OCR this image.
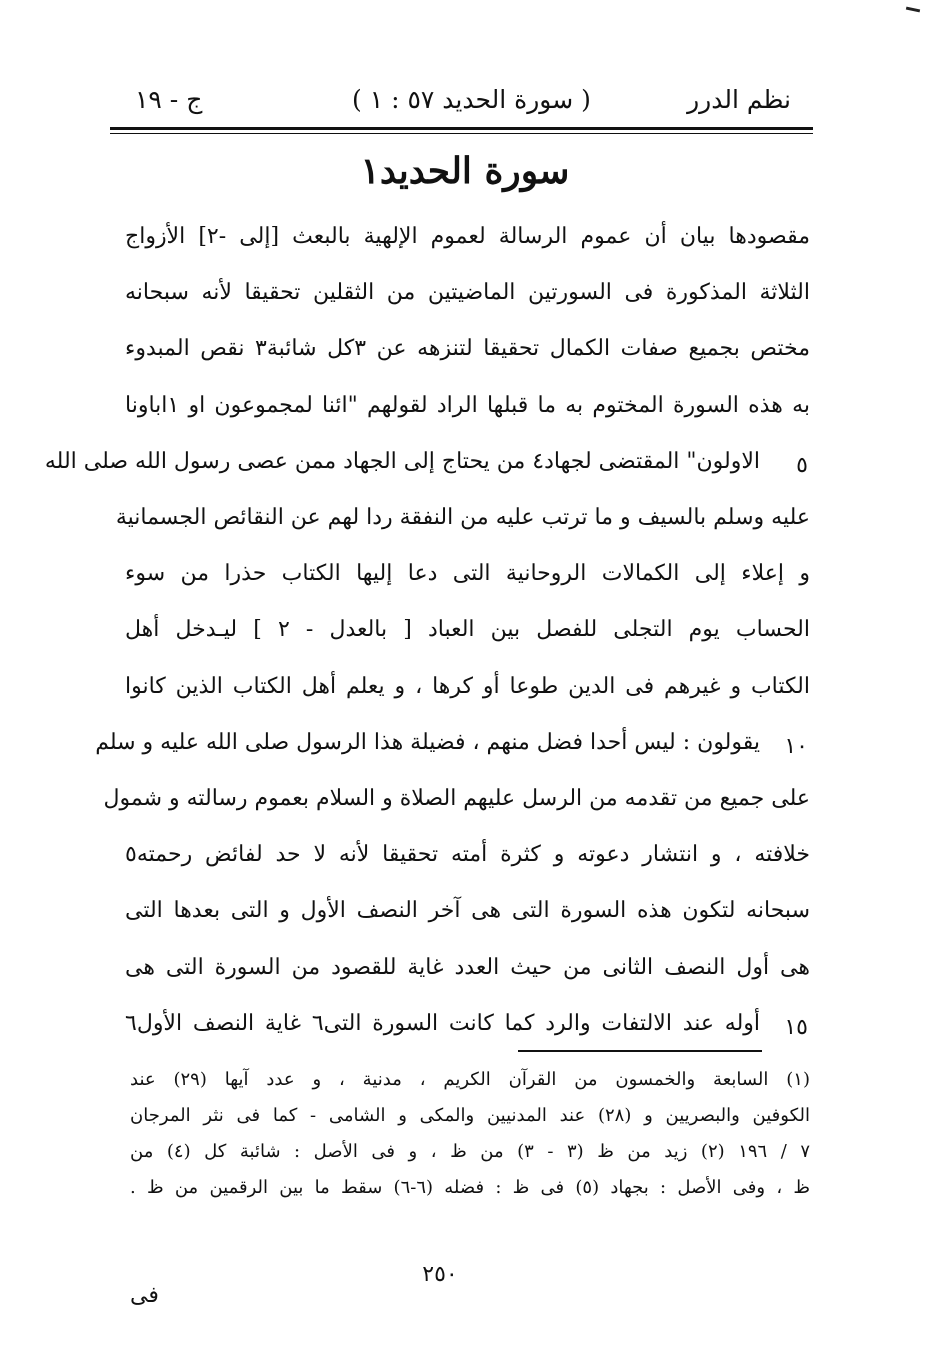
نظم الدرر
( سورة الحديد ٥٧ : ١ )
ج - ١٩
سورة الحديد١
مقصودها بيان أن عموم الرسالة لعموم الإلهية بالبعث [إلى -٢] الأزواج
الثلاثة المذكورة فى السورتين الماضيتين من الثقلين تحقيقا لأنه سبحانه
مختص بجميع صفات الكمال تحقيقا لتنزهه عن ٣كل شائبة٣ نقص المبدوء
به هذه السورة المختوم به ما قبلها الراد لقولهم "ائنا لمجموعون او ١اباونا
الاولون" المقتضى لجهاد٤ من يحتاج إلى الجهاد ممن عصى رسول الله صلى الله
عليه وسلم بالسيف و ما ترتب عليه من النفقة ردا لهم عن النقائص الجسمانية
و إعلاء إلى الكمالات الروحانية التى دعا إليها الكتاب حذرا من سوء
الحساب يوم التجلى للفصل بين العباد [ بالعدل - ٢ ] ليـدخل أهل
الكتاب و غيرهم فى الدين طوعا أو كرها ، و يعلم أهل الكتاب الذين كانوا
يقولون : ليس أحدا فضل منهم ، فضيلة هذا الرسول صلى الله عليه و سلم
على جميع من تقدمه من الرسل عليهم الصلاة و السلام بعموم رسالته و شمول
خلافته ، و انتشار دعوته و كثرة أمته تحقيقا لأنه لا حد لفائض رحمته٥
سبحانه لتكون هذه السورة التى هى آخر النصف الأول و التى بعدها التى
هى أول النصف الثانى من حيث العدد غاية للقصود من السورة التى هى
أوله عند الالتفات والرد كما كانت السورة التى٦ غاية النصف الأول٦
٥
١٠
١٥
(١) السابعة والخمسون من القرآن الكريم ، مدنية ، و عدد آيها (٢٩) عند
الكوفين والبصريين و (٢٨) عند المدنيين والمكى و الشامى - كما فى نثر المرجان
٧ / ١٩٦ (٢) زيد من ظ (٣ - ٣) من ظ ، و فى الأصل : شائبة كل (٤) من
ظ ، وفى الأصل : بجهاد (٥) فى ظ : فضله (٦-٦) سقط ما بين الرقمين من ظ .
٢٥٠
فى
